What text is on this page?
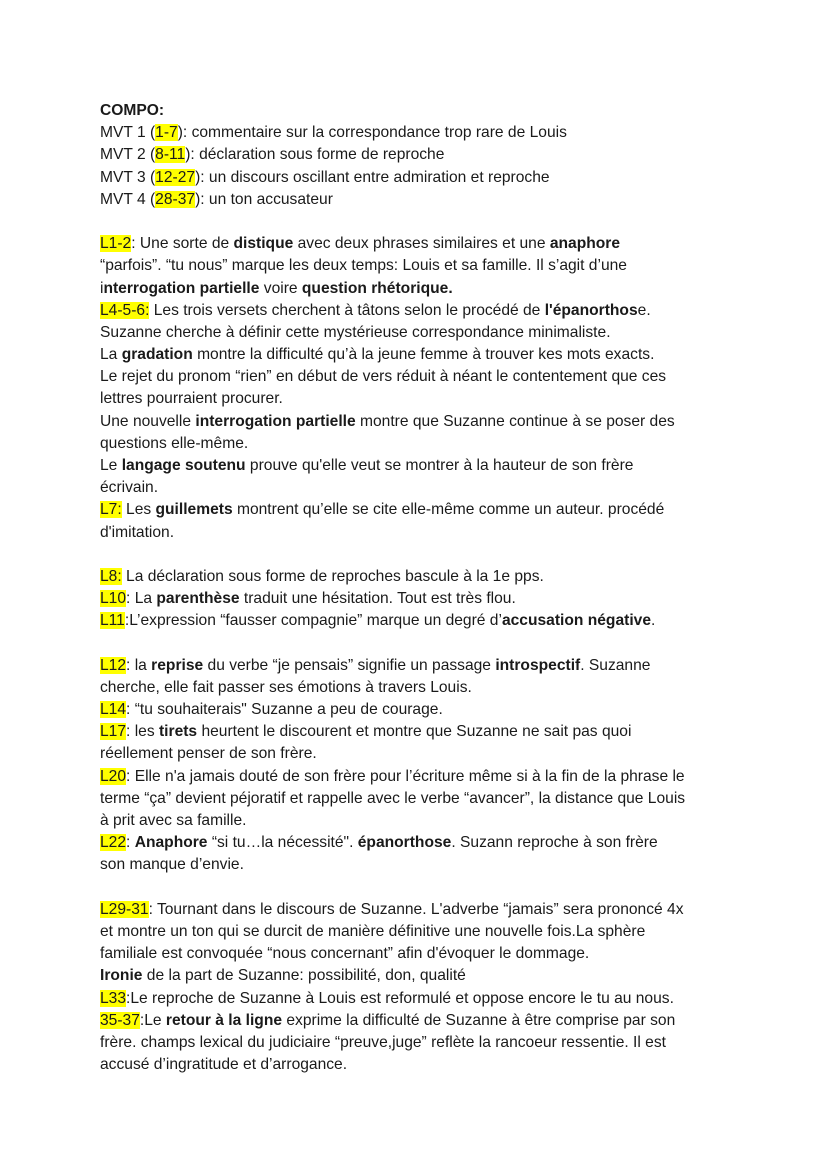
COMPO:
MVT 1 (1-7): commentaire sur la correspondance trop rare de Louis
MVT 2 (8-11): déclaration sous forme de reproche
MVT 3 (12-27): un discours oscillant entre admiration et reproche
MVT 4 (28-37): un ton accusateur
L1-2: Une sorte de distique avec deux phrases similaires et une anaphore
“parfois”. “tu nous” marque les deux temps: Louis et sa famille. Il s’agit d’une
interrogation partielle voire question rhétorique.
L4-5-6: Les trois versets cherchent à tâtons selon le procédé de l'épanorthose.
Suzanne cherche à définir cette mystérieuse correspondance minimaliste.
La gradation montre la difficulté qu’à la jeune femme à trouver kes mots exacts.
Le rejet du pronom “rien” en début de vers réduit à néant le contentement que ces
lettres pourraient procurer.
Une nouvelle interrogation partielle montre que Suzanne continue à se poser des
questions elle-même.
Le langage soutenu prouve qu'elle veut se montrer à la hauteur de son frère
écrivain.
L7: Les guillemets montrent qu’elle se cite elle-même comme un auteur. procédé
d'imitation.
L8: La déclaration sous forme de reproches bascule à la 1e pps.
L10: La parenthèse traduit une hésitation. Tout est très flou.
L11:L’expression “fausser compagnie” marque un degré d’accusation négative.
L12: la reprise du verbe “je pensais” signifie un passage introspectif. Suzanne
cherche, elle fait passer ses émotions à travers Louis.
L14: “tu souhaiterais" Suzanne a peu de courage.
L17: les tirets heurtent le discourent et montre que Suzanne ne sait pas quoi
réellement penser de son frère.
L20: Elle n'a jamais douté de son frère pour l’écriture même si à la fin de la phrase le
terme “ça” devient péjoratif et rappelle avec le verbe “avancer”, la distance que Louis
à prit avec sa famille.
L22: Anaphore “si tu…la nécessité". épanorthose. Suzann reproche à son frère
son manque d’envie.
L29-31: Tournant dans le discours de Suzanne. L'adverbe “jamais” sera prononcé 4x
et montre un ton qui se durcit de manière définitive une nouvelle fois.La sphère
familiale est convoquée “nous concernant” afin d'évoquer le dommage.
Ironie de la part de Suzanne: possibilité, don, qualité
L33:Le reproche de Suzanne à Louis est reformulé et oppose encore le tu au nous.
35-37:Le retour à la ligne exprime la difficulté de Suzanne à être comprise par son
frère. champs lexical du judiciaire “preuve,juge” reflète la rancoeur ressentie. Il est
accusé d’ingratitude et d’arrogance.
